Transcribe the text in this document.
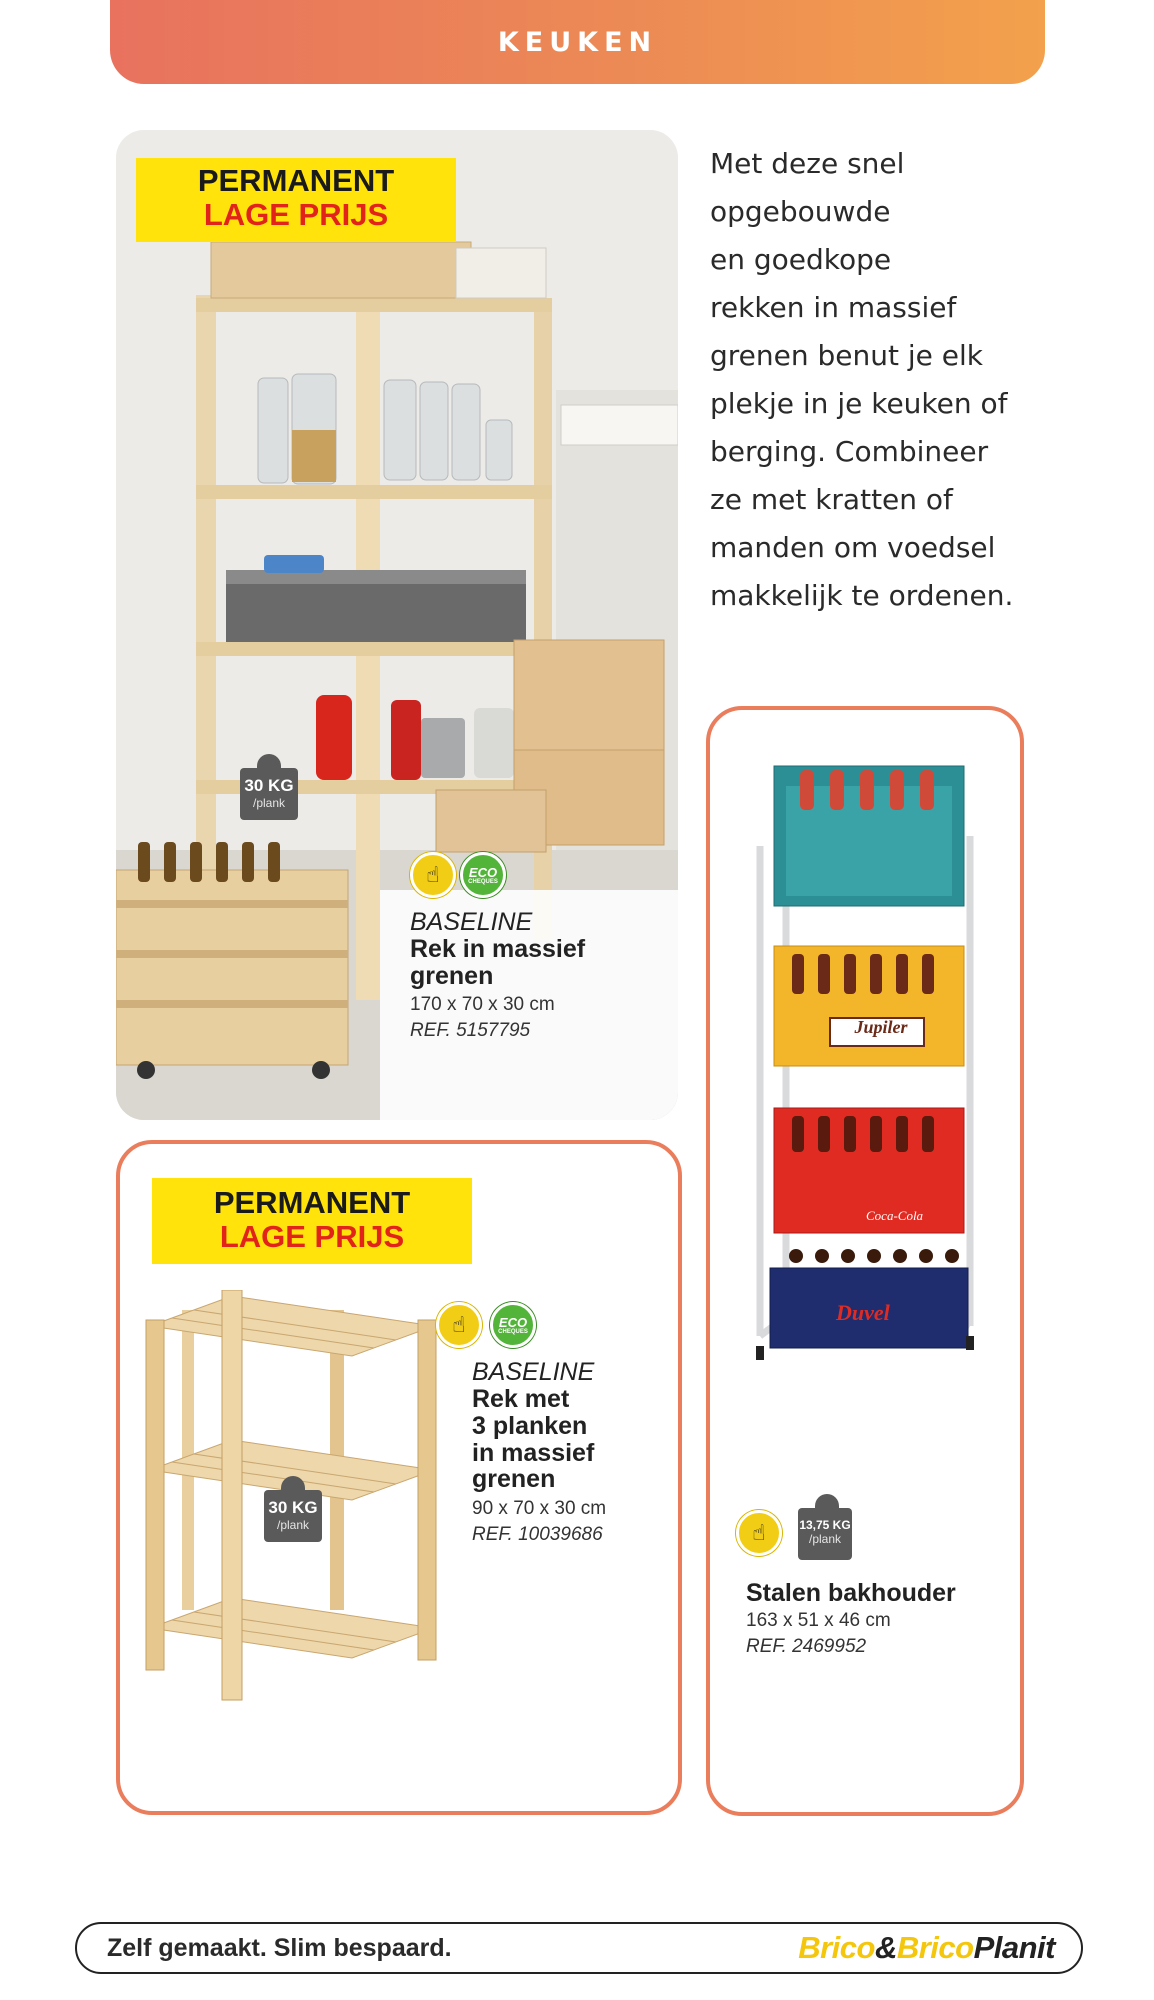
KEUKEN
Met deze snel
opgebouwde
en goedkope
rekken in massief
grenen benut je elk
plekje in je keuken of
berging. Combineer
ze met kratten of
manden om voedsel
makkelijk te ordenen.
PERMANENT
LAGE PRIJS
30 KG
/plank
☝	ECO
CHEQUES
BASELINE
Rek in massief
grenen
170 x 70 x 30 cm
REF. 5157795
PERMANENT
LAGE PRIJS
30 KG
/plank
☝	ECO
CHEQUES
BASELINE
Rek met
3 planken
in massief
grenen
90 x 70 x 30 cm
REF. 10039686
Jupiler
Coca-Cola
Duvel
☝	13,75 KG
/plank
Stalen bakhouder
163 x 51 x 46 cm
REF. 2469952
Zelf gemaakt. Slim bespaard.	Brico&BricoPlanit
